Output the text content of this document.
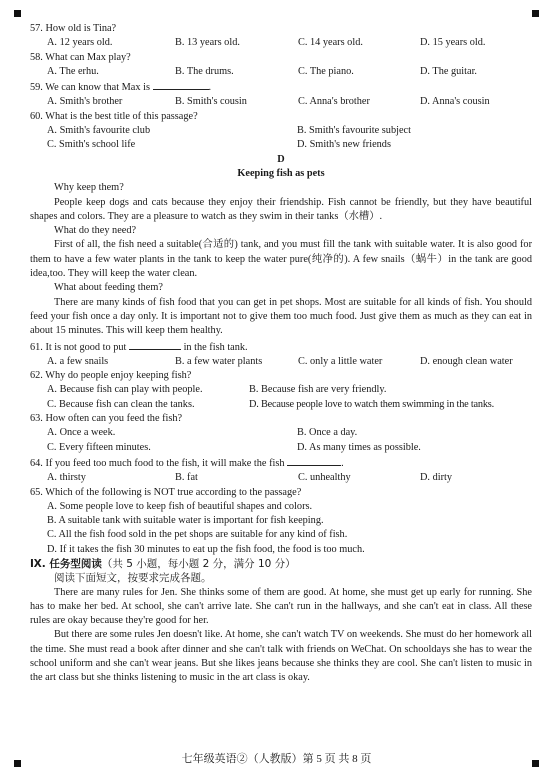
57. How old is Tina?
A. 12 years old.	B. 13 years old.	C. 14 years old.	D. 15 years old.
58. What can Max play?
A. The erhu.	B. The drums.	C. The piano.	D. The guitar.
59. We can know that Max is	.
A. Smith's brother	B. Smith's cousin	C. Anna's brother	D. Anna's cousin
60. What is the best title of this passage?
A. Smith's favourite club	B. Smith's favourite subject
C. Smith's school life	D. Smith's new friends
D
Keeping fish as pets
Why keep them?
People keep dogs and cats because they enjoy their friendship. Fish cannot be friendly, but they have beautiful shapes and colors. They are a pleasure to watch as they swim in their tanks（水槽）.
What do they need?
First of all, the fish need a suitable(合适的) tank, and you must fill the tank with suitable water. It is also good for them to have a few water plants in the tank to keep the water pure(纯净的). A few snails（蜗牛）in the tank are good idea,too. They will keep the water clean.
What about feeding them?
There are many kinds of fish food that you can get in pet shops. Most are suitable for all kinds of fish. You should feed your fish once a day only. It is important not to give them too much food. Just give them as much as they can eat in about 15 minutes. This will keep them healthy.
61. It is not good to put	in the fish tank.
A. a few snails	B. a few water plants	C. only a little water	D. enough clean water
62. Why do people enjoy keeping fish?
A. Because fish can play with people.	B. Because fish are very friendly.
C. Because fish can clean the tanks.	D. Because people love to watch them swimming in the tanks.
63. How often can you feed the fish?
A. Once a week.	B. Once a day.
C. Every fifteen minutes.	D. As many times as possible.
64. If you feed too much food to the fish, it will make the fish	.
A. thirsty	B. fat	C. unhealthy	D. dirty
65. Which of the following is NOT true according to the passage?
A. Some people love to keep fish of beautiful shapes and colors.
B. A suitable tank with suitable water is important for fish keeping.
C. All the fish food sold in the pet shops are suitable for any kind of fish.
D. If it takes the fish 30 minutes to eat up the fish food, the food is too much.
Ⅸ. 任务型阅读（共 5 小题，每小题 2 分，满分 10 分）
阅读下面短文，按要求完成各题。
There are many rules for Jen. She thinks some of them are good. At home, she must get up early for running. She has to make her bed. At school, she can't arrive late. She can't run in the hallways, and she can't eat in class. All these rules are okay because they're good for her.
But there are some rules Jen doesn't like. At home, she can't watch TV on weekends. She must do her homework all the time. She must read a book after dinner and she can't talk with friends on WeChat. On schooldays she has to wear the school uniform and she can't wear jeans. But she likes jeans because she thinks they are cool. She can't listen to music in the art class but she thinks listening to music in the art class is okay.
七年级英语②（人教版）第 5 页 共 8 页
